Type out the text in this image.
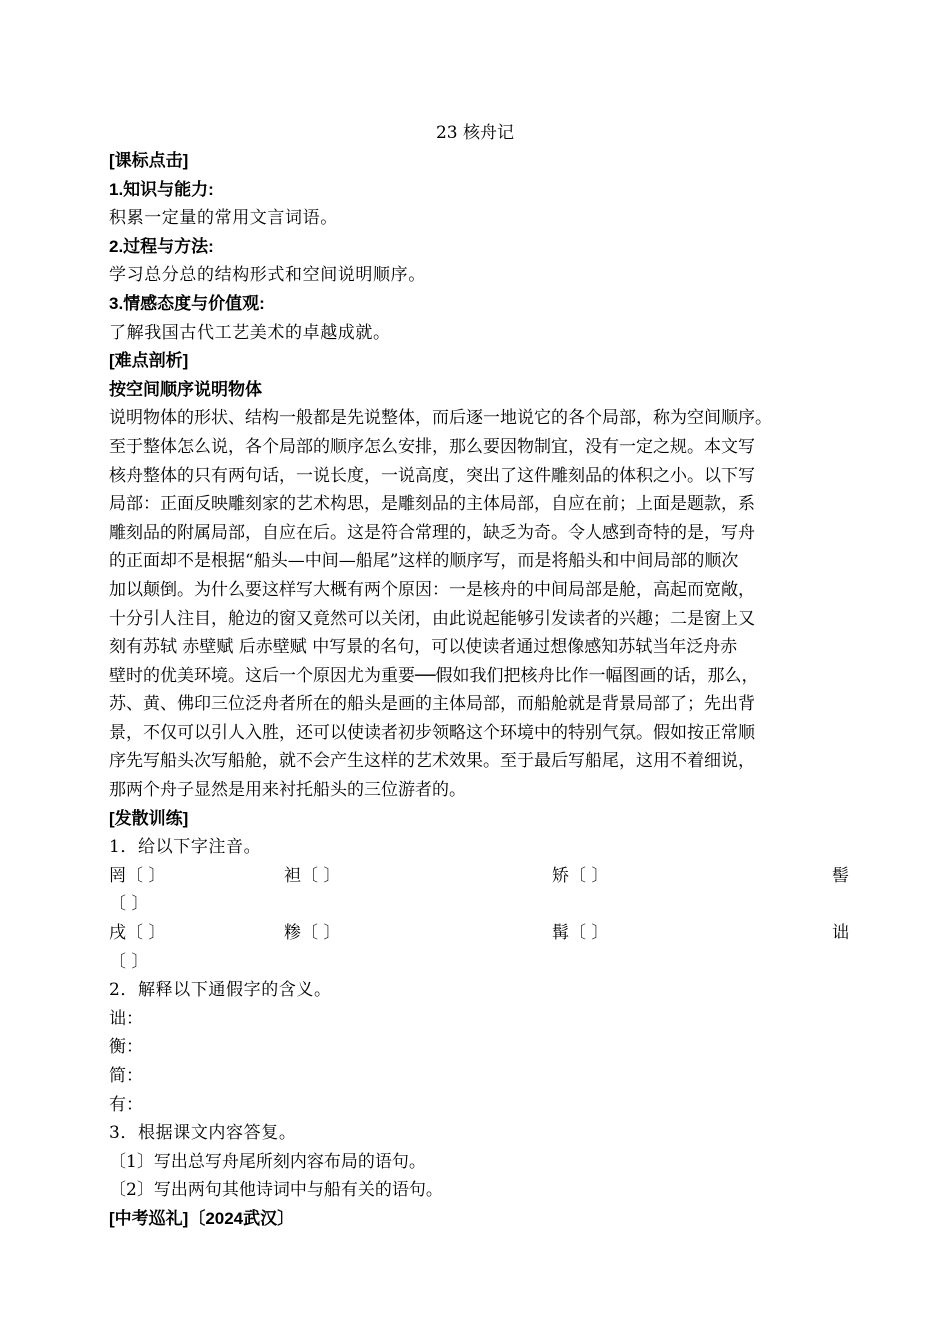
23 核舟记
[课标点击]
1.知识与能力:
积累一定量的常用文言词语。
2.过程与方法:
学习总分总的结构形式和空间说明顺序。
3.情感态度与价值观:
了解我国古代工艺美术的卓越成就。
[难点剖析]
按空间顺序说明物体
说明物体的形状、结构一般都是先说整体，而后逐一地说它的各个局部，称为空间顺序。
至于整体怎么说，各个局部的顺序怎么安排，那么要因物制宜，没有一定之规。本文写
核舟整体的只有两句话，一说长度，一说高度，突出了这件雕刻品的体积之小。以下写
局部：正面反映雕刻家的艺术构思，是雕刻品的主体局部，自应在前；上面是题款，系
雕刻品的附属局部，自应在后。这是符合常理的，缺乏为奇。令人感到奇特的是，写舟
的正面却不是根据“船头—中间—船尾”这样的顺序写，而是将船头和中间局部的顺次
加以颠倒。为什么要这样写大概有两个原因：一是核舟的中间局部是舱，高起而宽敞，
十分引人注目，舱边的窗又竟然可以关闭，由此说起能够引发读者的兴趣；二是窗上又
刻有苏轼 赤壁赋 后赤壁赋 中写景的名句，可以使读者通过想像感知苏轼当年泛舟赤
壁时的优美环境。这后一个原因尤为重要──假如我们把核舟比作一幅图画的话，那么，
苏、黄、佛印三位泛舟者所在的船头是画的主体局部，而船舱就是背景局部了；先出背
景，不仅可以引人入胜，还可以使读者初步领略这个环境中的特别气氛。假如按正常顺
序先写船头次写船舱，就不会产生这样的艺术效果。至于最后写船尾，这用不着细说，
那两个舟子显然是用来衬托船头的三位游者的。
[发散训练]
1．给以下字注音。
罔〔 〕	袒〔 〕	矫〔 〕	髻
〔 〕
戌〔 〕	糁〔 〕	髯〔 〕	诎
〔 〕
2．解释以下通假字的含义。
诎：
衡：
简：
有：
3．根据课文内容答复。
〔1〕写出总写舟尾所刻内容布局的语句。
〔2〕写出两句其他诗词中与船有关的语句。
[中考巡礼]〔2024武汉〕
